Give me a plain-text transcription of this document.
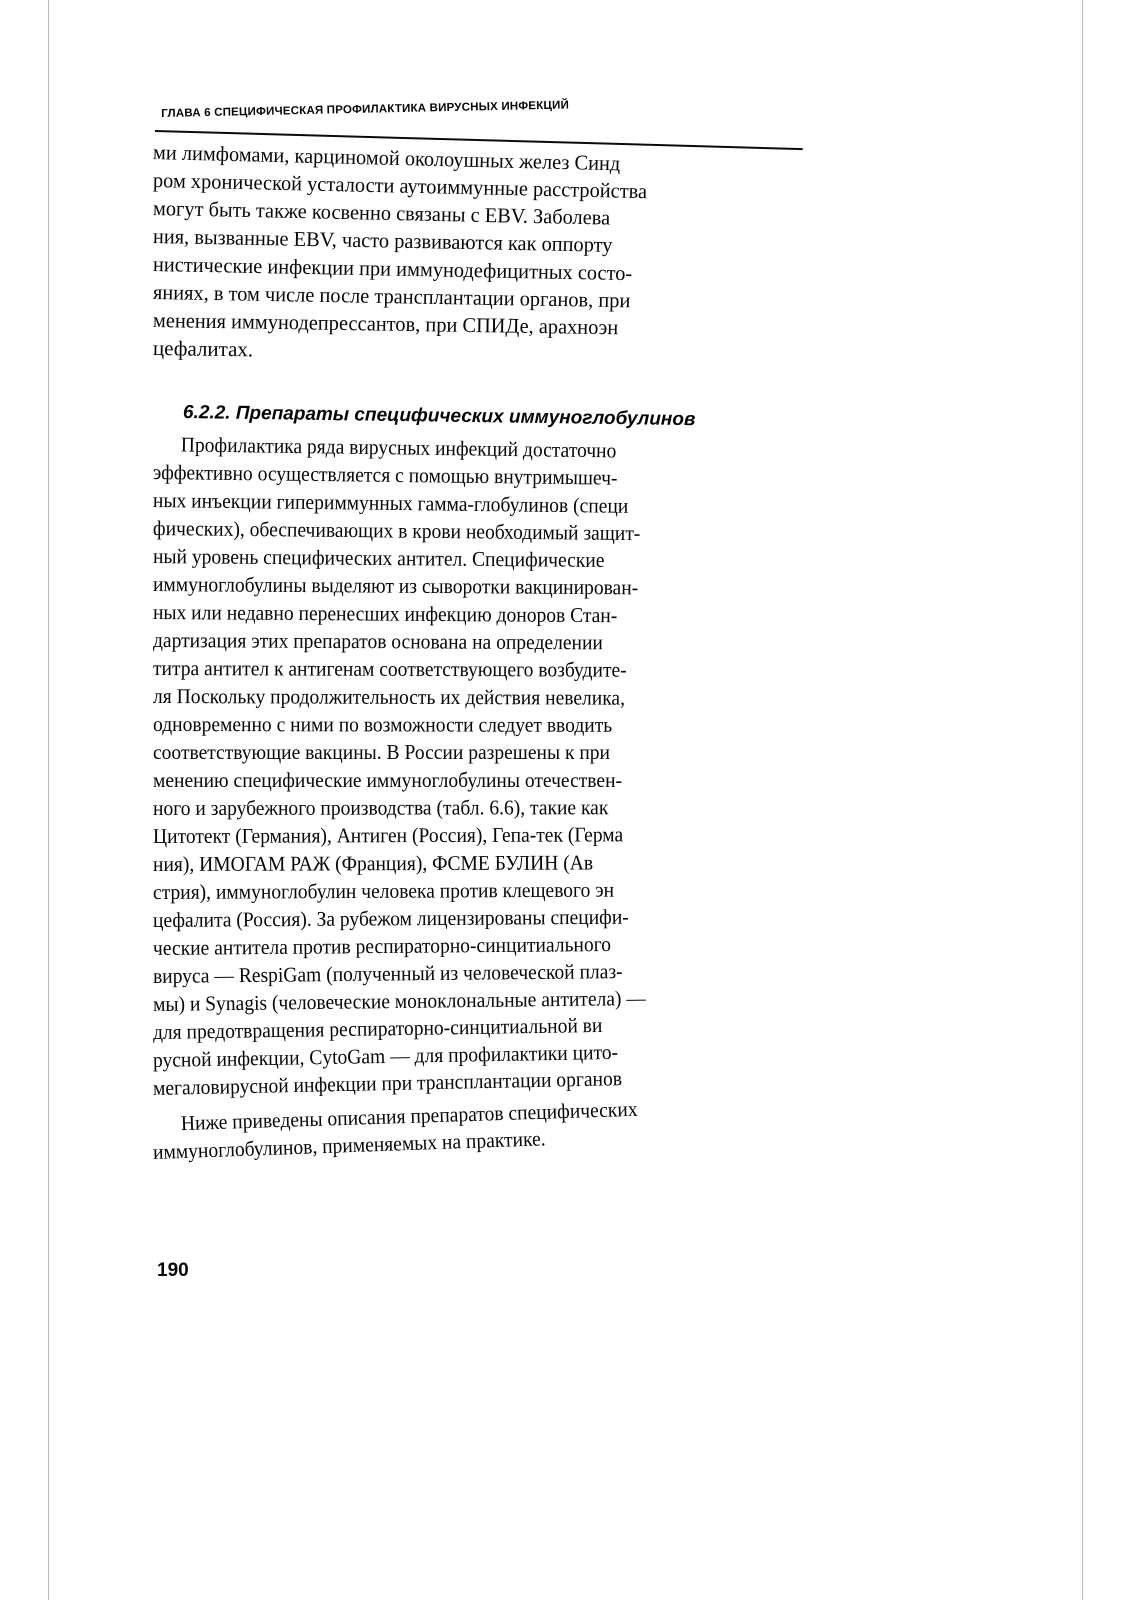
ГЛАВА 6 СПЕЦИФИЧЕСКАЯ ПРОФИЛАКТИКА ВИРУСНЫХ ИНФЕКЦИЙ
ми лимфомами, карциномой околоушных желез Синд
ром хронической усталости аутоиммунные расстройства
могут быть также косвенно связаны с EBV. Заболева
ния, вызванные EBV, часто развиваются как оппорту
нистические инфекции при иммунодефицитных состо-
яниях, в том числе после трансплантации органов, при
менения иммунодепрессантов, при СПИДе, арахноэн
цефалитах.
6.2.2. Препараты специфических иммуноглобулинов
Профилактика ряда вирусных инфекций достаточно
эффективно осуществляется с помощью внутримышеч-
ных инъекции гипериммунных гамма-глобулинов (специ
фических), обеспечивающих в крови необходимый защит-
ный уровень специфических антител. Специфические
иммуноглобулины выделяют из сыворотки вакцинирован-
ных или недавно перенесших инфекцию доноров Стан-
дартизация этих препаратов основана на определении
титра антител к антигенам соответствующего возбудите-
ля Поскольку продолжительность их действия невелика,
одновременно с ними по возможности следует вводить
соответствующие вакцины. В России разрешены к при
менению специфические иммуноглобулины отечествен-
ного и зарубежного производства (табл. 6.6), такие как
Цитотект (Германия), Антиген (Россия), Гепа-тек (Герма
ния), ИМОГАМ РАЖ (Франция), ФСМЕ БУЛИН (Ав
стрия), иммуноглобулин человека против клещевого эн
цефалита (Россия). За рубежом лицензированы специфи-
ческие антитела против респираторно-синцитиального
вируса — RespiGam (полученный из человеческой плаз-
мы) и Synagis (человеческие моноклональные антитела) —
для предотвращения респираторно-синцитиальной ви
русной инфекции, CytoGam — для профилактики цито-
мегаловирусной инфекции при трансплантации органов
Ниже приведены описания препаратов специфических
иммуноглобулинов, применяемых на практике.
190
